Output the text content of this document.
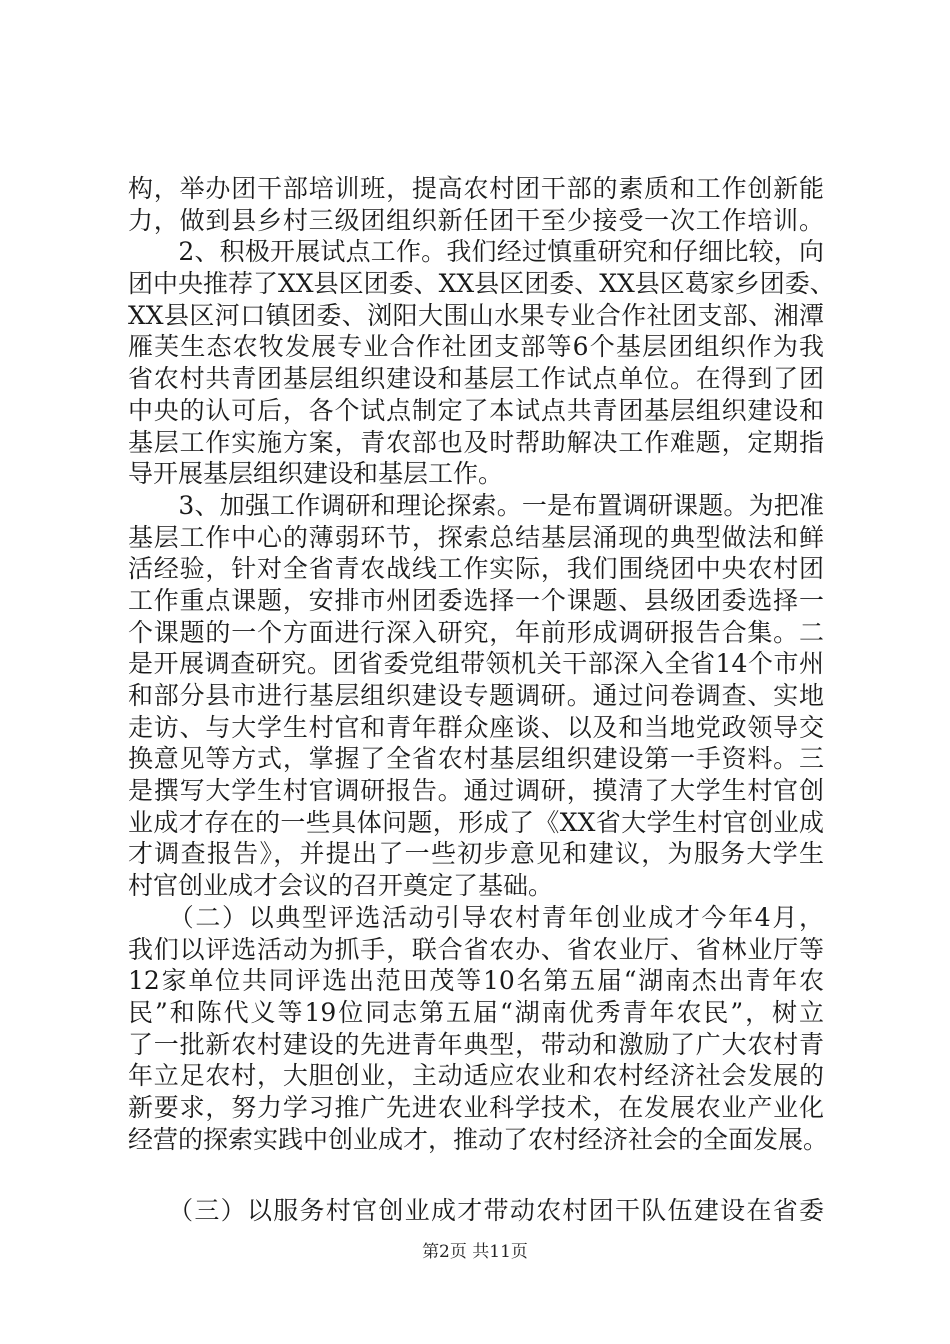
构，举办团干部培训班，提高农村团干部的素质和工作创新能
力，做到县乡村三级团组织新任团干至少接受一次工作培训。
　　2、积极开展试点工作。我们经过慎重研究和仔细比较，向
团中央推荐了XX县区团委、XX县区团委、XX县区葛家乡团委、
XX县区河口镇团委、浏阳大围山水果专业合作社团支部、湘潭
雁芙生态农牧发展专业合作社团支部等6个基层团组织作为我
省农村共青团基层组织建设和基层工作试点单位。在得到了团
中央的认可后，各个试点制定了本试点共青团基层组织建设和
基层工作实施方案，青农部也及时帮助解决工作难题，定期指
导开展基层组织建设和基层工作。
　　3、加强工作调研和理论探索。一是布置调研课题。为把准
基层工作中心的薄弱环节，探索总结基层涌现的典型做法和鲜
活经验，针对全省青农战线工作实际，我们围绕团中央农村团
工作重点课题，安排市州团委选择一个课题、县级团委选择一
个课题的一个方面进行深入研究，年前形成调研报告合集。二
是开展调查研究。团省委党组带领机关干部深入全省14个市州
和部分县市进行基层组织建设专题调研。通过问卷调查、实地
走访、与大学生村官和青年群众座谈、以及和当地党政领导交
换意见等方式，掌握了全省农村基层组织建设第一手资料。三
是撰写大学生村官调研报告。通过调研，摸清了大学生村官创
业成才存在的一些具体问题，形成了《XX省大学生村官创业成
才调查报告》，并提出了一些初步意见和建议，为服务大学生
村官创业成才会议的召开奠定了基础。
　　（二）以典型评选活动引导农村青年创业成才今年4月，
我们以评选活动为抓手，联合省农办、省农业厅、省林业厅等
12家单位共同评选出范田茂等10名第五届“湖南杰出青年农
民”和陈代义等19位同志第五届“湖南优秀青年农民”，树立
了一批新农村建设的先进青年典型，带动和激励了广大农村青
年立足农村，大胆创业，主动适应农业和农村经济社会发展的
新要求，努力学习推广先进农业科学技术，在发展农业产业化
经营的探索实践中创业成才，推动了农村经济社会的全面发展。
　　（三）以服务村官创业成才带动农村团干队伍建设在省委
第2页 共11页
